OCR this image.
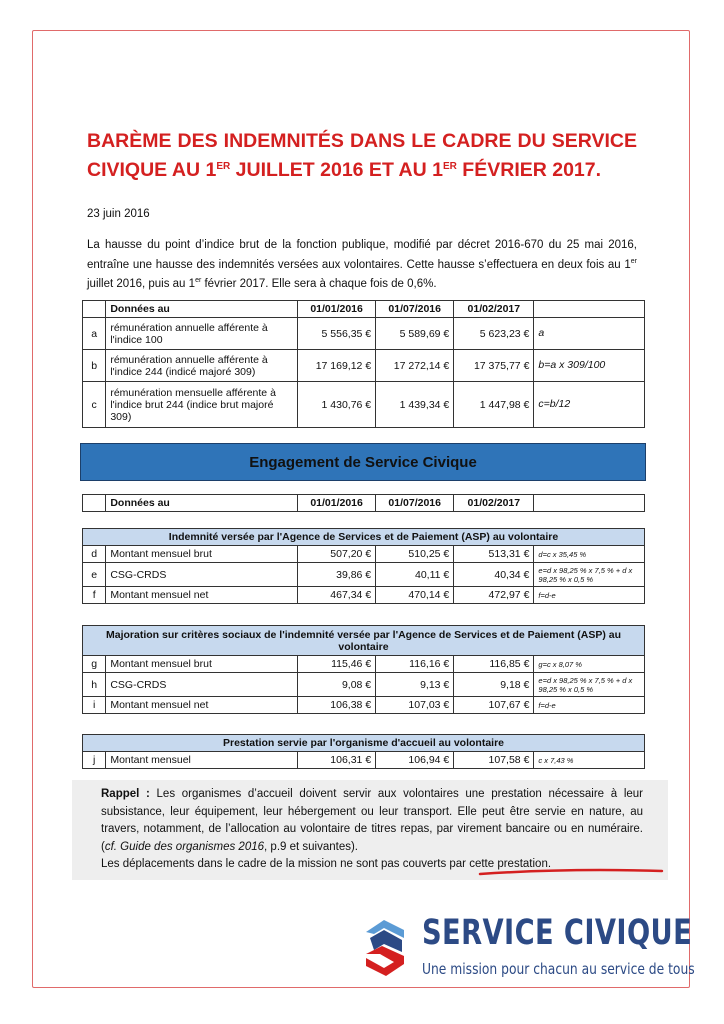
BARÈME DES INDEMNITÉS DANS LE CADRE DU SERVICE
CIVIQUE AU 1ER JUILLET 2016 ET AU 1ER FÉVRIER 2017.
23 juin 2016
La hausse du point d’indice brut de la fonction publique, modifié par décret 2016-670 du 25 mai 2016, entraîne une hausse des indemnités versées aux volontaires. Cette hausse s’effectuera en deux fois au 1er juillet 2016, puis au 1er février 2017. Elle sera à chaque fois de 0,6%.
	Données au	01/01/2016	01/07/2016	01/02/2017	
a	rémunération annuelle afférente à l'indice 100	5 556,35 €	5 589,69 €	5 623,23 €	a
b	rémunération annuelle afférente à l'indice 244 (indicé majoré 309)	17 169,12 €	17 272,14 €	17 375,77 €	b=a x 309/100
c	rémunération mensuelle afférente à l'indice brut 244 (indice brut majoré 309)	1 430,76 €	1 439,34 €	1 447,98 €	c=b/12
Engagement de Service Civique
	Données au	01/01/2016	01/07/2016	01/02/2017	
Indemnité versée par l'Agence de Services et de Paiement (ASP) au volontaire					
d	Montant mensuel brut	507,20 €	510,25 €	513,31 €	d=c x 35,45 %
e	CSG-CRDS	39,86 €	40,11 €	40,34 €	e=d x 98,25 % x 7,5 % + d x 98,25 % x 0,5 %
f	Montant mensuel net	467,34 €	470,14 €	472,97 €	f=d-e
Majoration sur critères sociaux de l'indemnité versée par l'Agence de Services et de Paiement (ASP) au volontaire					
g	Montant mensuel brut	115,46 €	116,16 €	116,85 €	g=c x 8,07 %
h	CSG-CRDS	9,08 €	9,13 €	9,18 €	e=d x 98,25 % x 7,5 % + d x 98,25 % x 0,5 %
i	Montant mensuel net	106,38 €	107,03 €	107,67 €	f=d-e
Prestation servie par l'organisme d'accueil au volontaire
j	Montant mensuel	106,31 €	106,94 €	107,58 €	c x 7,43 %
Rappel : Les organismes d’accueil doivent servir aux volontaires une prestation nécessaire à leur subsistance, leur équipement, leur hébergement ou leur transport. Elle peut être servie en nature, au travers, notamment, de l’allocation au volontaire de titres repas, par virement bancaire ou en numéraire. (cf. Guide des organismes 2016, p.9 et suivantes).
Les déplacements dans le cadre de la mission ne sont pas couverts par cette prestation.
SERVICE CIVIQUE
Une mission pour chacun au service de tous
